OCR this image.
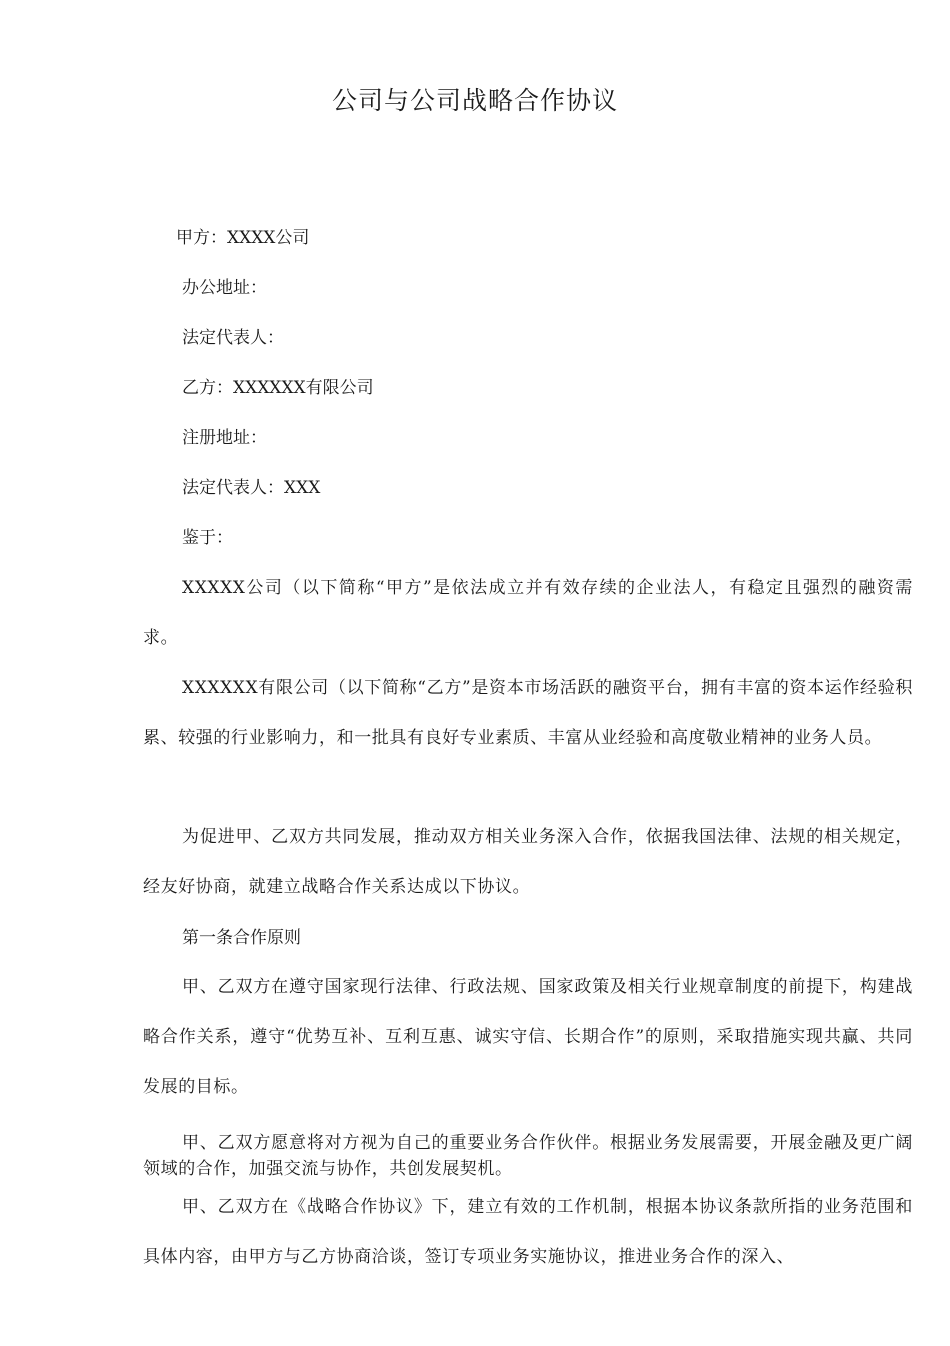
公司与公司战略合作协议
甲方：XXXX公司
办公地址：
法定代表人：
乙方：XXXXXX有限公司
注册地址：
法定代表人：XXX
鉴于：
XXXXX公司（以下简称“甲方”是依法成立并有效存续的企业法人，有稳定且强烈的融资需求。
XXXXXX有限公司（以下简称“乙方”是资本市场活跃的融资平台，拥有丰富的资本运作经验积累、较强的行业影响力，和一批具有良好专业素质、丰富从业经验和高度敬业精神的业务人员。
为促进甲、乙双方共同发展，推动双方相关业务深入合作，依据我国法律、法规的相关规定，经友好协商，就建立战略合作关系达成以下协议。
第一条合作原则
甲、乙双方在遵守国家现行法律、行政法规、国家政策及相关行业规章制度的前提下，构建战略合作关系，遵守“优势互补、互利互惠、诚实守信、长期合作”的原则，采取措施实现共赢、共同发展的目标。
甲、乙双方愿意将对方视为自己的重要业务合作伙伴。根据业务发展需要，开展金融及更广阔领域的合作，加强交流与协作，共创发展契机。
甲、乙双方在《战略合作协议》下，建立有效的工作机制，根据本协议条款所指的业务范围和具体内容，由甲方与乙方协商洽谈，签订专项业务实施协议，推进业务合作的深入、
